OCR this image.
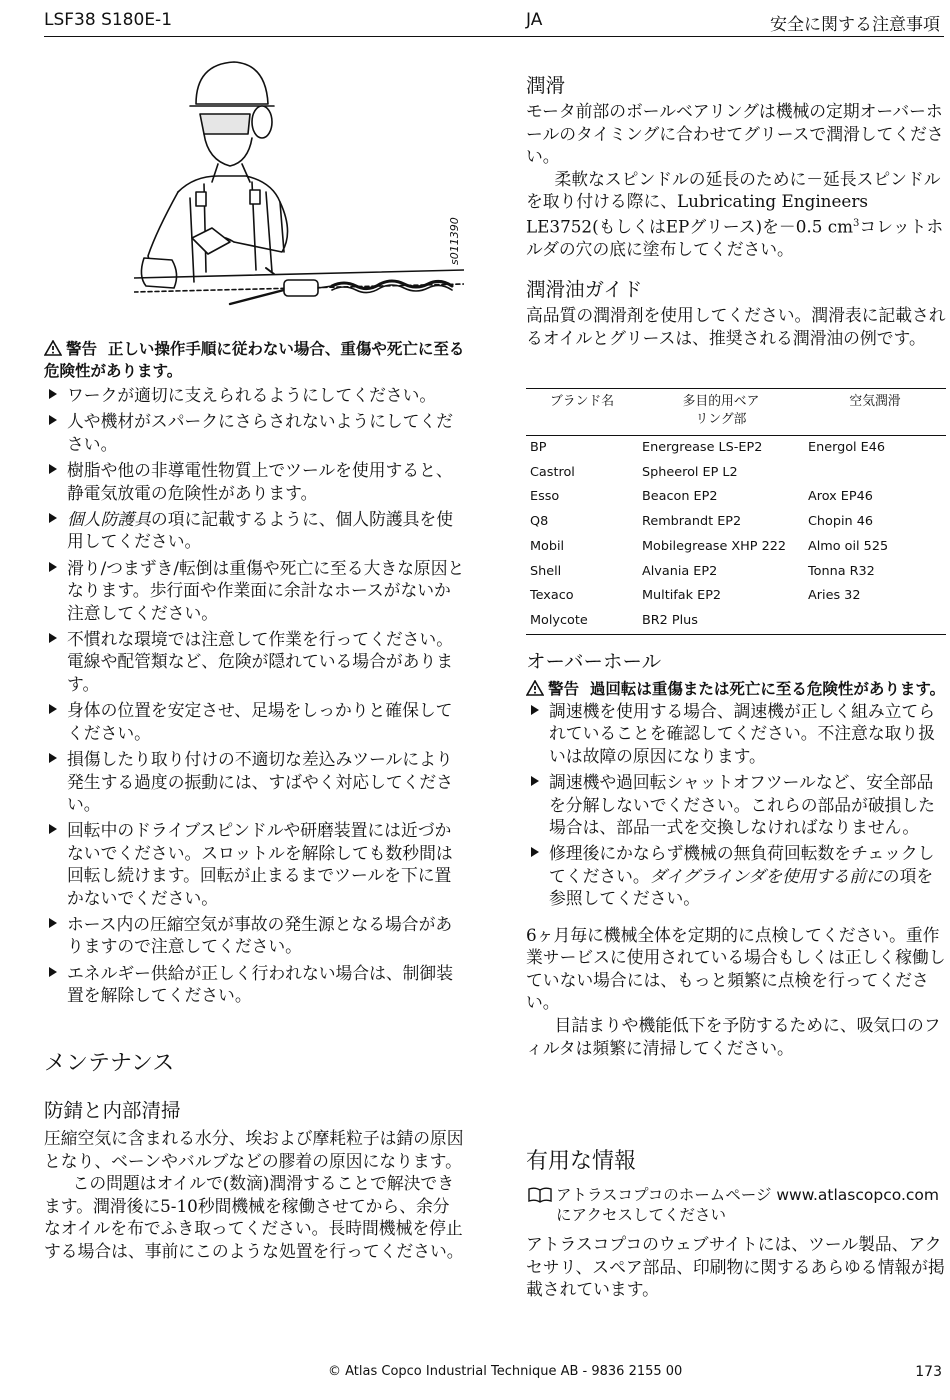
LSF38 S180E-1	JA	安全に関する注意事項
s011390
警告 正しい操作手順に従わない場合、重傷や死亡に至る危険性があります。
ワークが適切に支えられるようにしてください。
人や機材がスパークにさらされないようにしてください。
樹脂や他の非導電性物質上でツールを使用すると、静電気放電の危険性があります。
個人防護具の項に記載するように、個人防護具を使用してください。
滑り/つまずき/転倒は重傷や死亡に至る大きな原因となります。歩行面や作業面に余計なホースがないか注意してください。
不慣れな環境では注意して作業を行ってください。電線や配管類など、危険が隠れている場合があります。
身体の位置を安定させ、足場をしっかりと確保してください。
損傷したり取り付けの不適切な差込みツールにより発生する過度の振動には、すばやく対応してください。
回転中のドライブスピンドルや研磨装置には近づかないでください。スロットルを解除しても数秒間は回転し続けます。回転が止まるまでツールを下に置かないでください。
ホース内の圧縮空気が事故の発生源となる場合がありますので注意してください。
エネルギー供給が正しく行われない場合は、制御装置を解除してください。
メンテナンス
防錆と内部清掃

圧縮空気に含まれる水分、埃および摩耗粒子は錆の原因となり、ベーンやバルブなどの膠着の原因になります。

この問題はオイルで(数滴)潤滑することで解決できます。潤滑後に5-10秒間機械を稼働させてから、余分なオイルを布でふき取ってください。長時間機械を停止する場合は、事前にこのような処置を行ってください。

潤滑

モータ前部のボールベアリングは機械の定期オーバーホールのタイミングに合わせてグリースで潤滑してください。

柔軟なスピンドルの延長のために－延長スピンドルを取り付ける際に、Lubricating Engineers LE3752(もしくはEPグリース)を－0.5 $cm^3$コレットホルダの穴の底に塗布してください。

潤滑油ガイド

高品質の潤滑剤を使用してください。潤滑表に記載されるオイルとグリースは、推奨される潤滑油の例です。

ブランド名	多目的用ベアリング部	空気潤滑
BP	Energrease LS-EP2	Energol E46
Castrol	Spheerol EP L2	
Esso	Beacon EP2	Arox EP46
Q8	Rembrandt EP2	Chopin 46
Mobil	Mobilegrease XHP 222	Almo oil 525
Shell	Alvania EP2	Tonna R32
Texaco	Multifak EP2	Aries 32
Molycote	BR2 Plus	
オーバーホール
警告 過回転は重傷または死亡に至る危険性があります。
調速機を使用する場合、調速機が正しく組み立てられていることを確認してください。不注意な取り扱いは故障の原因になります。
調速機や過回転シャットオフツールなど、安全部品を分解しないでください。これらの部品が破損した場合は、部品一式を交換しなければなりません。
修理後にかならず機械の無負荷回転数をチェックしてください。ダイグラインダを使用する前にの項を参照してください。

6ヶ月毎に機械全体を定期的に点検してください。重作業サービスに使用されている場合もしくは正しく稼働していない場合には、もっと頻繁に点検を行ってください。

目詰まりや機能低下を予防するために、吸気口のフィルタは頻繁に清掃してください。

有用な情報
アトラスコプコのホームページ www.atlascopco.com にアクセスしてください

アトラスコプコのウェブサイトには、ツール製品、アクセサリ、スペア部品、印刷物に関するあらゆる情報が掲載されています。

© Atlas Copco Industrial Technique AB - 9836 2155 00	173
